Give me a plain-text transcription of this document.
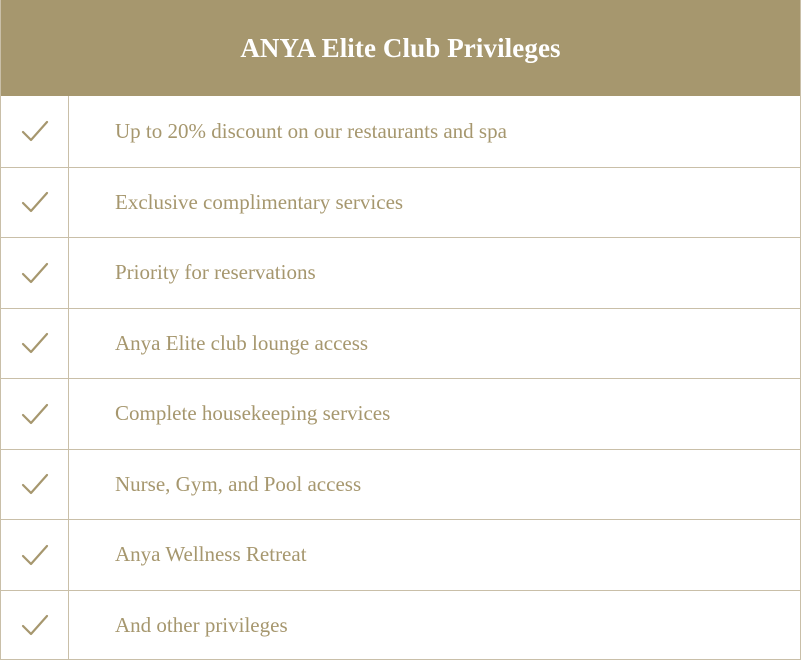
ANYA Elite Club Privileges
Up to 20% discount on our restaurants and spa
Exclusive complimentary services
Priority for reservations
Anya Elite club lounge access
Complete housekeeping services
Nurse, Gym, and Pool access
Anya Wellness Retreat
And other privileges
